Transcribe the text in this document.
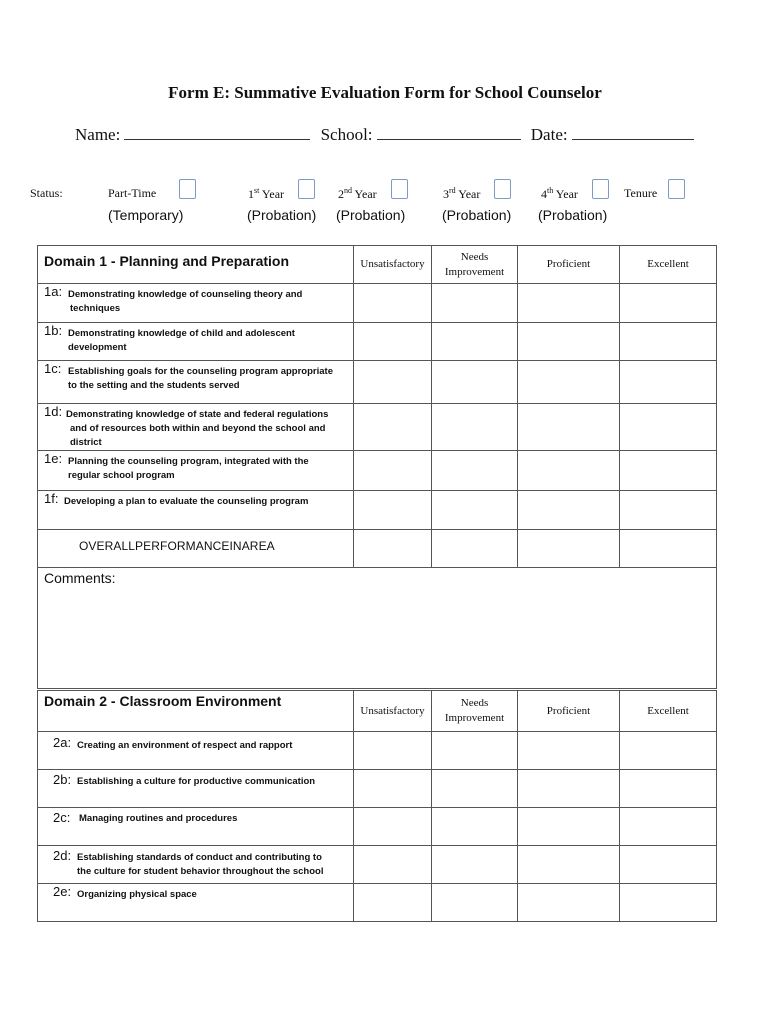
Form E: Summative Evaluation Form for School Counselor
Name:	School:	Date:
Status:	Part-Time
(Temporary)
1st Year
(Probation)
2nd Year
(Probation)
3rd Year
(Probation)
4th Year
(Probation)
Tenure
Domain 1 - Planning and Preparation	Unsatisfactory	Needs
Improvement	Proficient	Excellent

1a: Demonstrating knowledge of counseling theory and
techniques				

1b: Demonstrating knowledge of child and adolescent
development				

1c: Establishing goals for the counseling program appropriate
to the setting and the students served				

1d: Demonstrating knowledge of state and federal regulations
and of resources both within and beyond the school and
district				

1e: Planning the counseling program, integrated with the
regular school program				

1f: Developing a plan to evaluate the counseling program				

OVERALLPERFORMANCEINAREA				
Comments:				
Domain 2 - Classroom Environment	Unsatisfactory	Needs
Improvement	Proficient	Excellent

2a: Creating an environment of respect and rapport				

2b: Establishing a culture for productive communication				

2c: Managing routines and procedures				

2d: Establishing standards of conduct and contributing to
the culture for student behavior throughout the school				

2e: Organizing physical space				
